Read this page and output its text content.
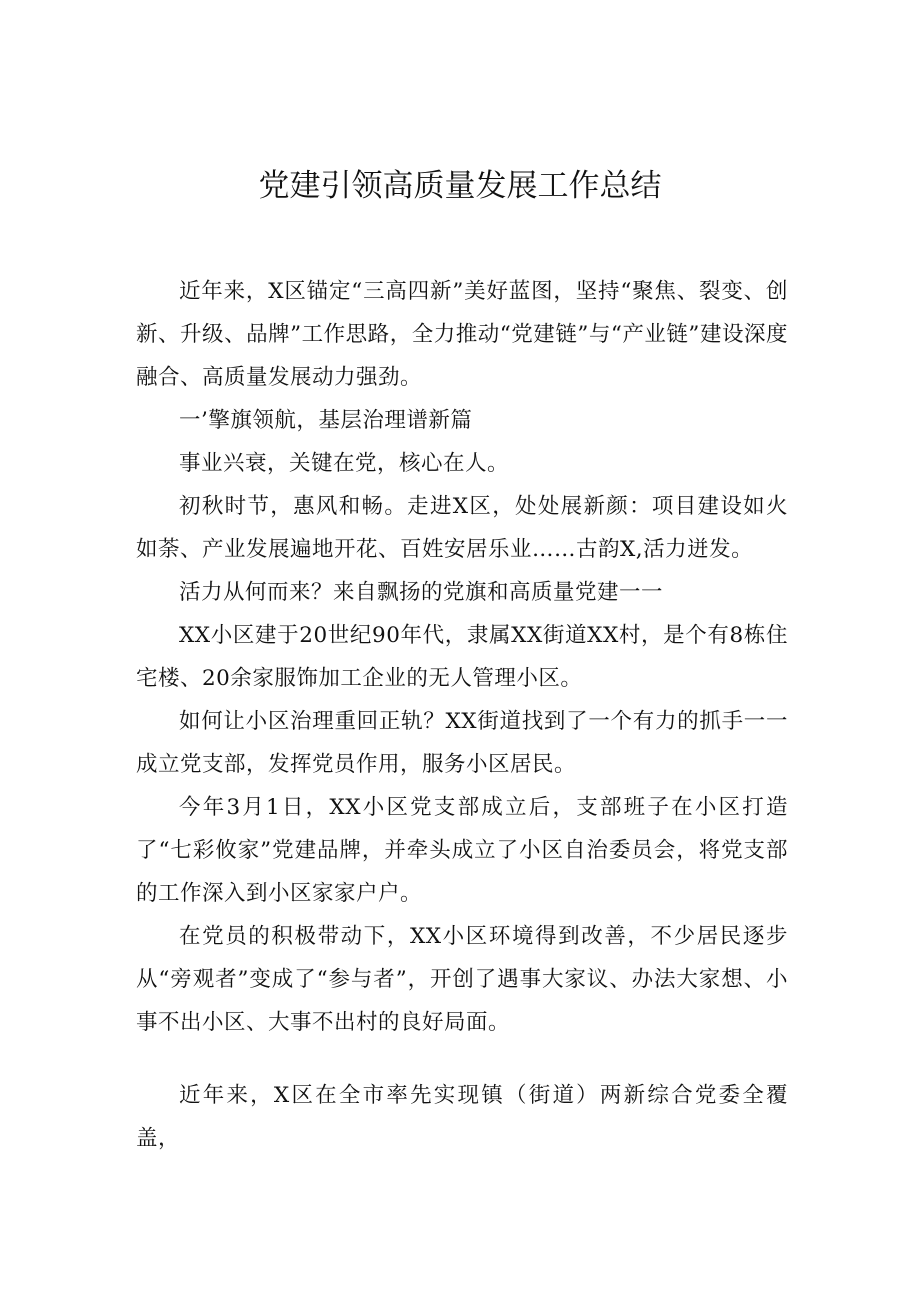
党建引领高质量发展工作总结

近年来，X区锚定“三高四新”美好蓝图，坚持“聚焦、裂变、创新、升级、品牌”工作思路，全力推动“党建链”与“产业链”建设深度融合、高质量发展动力强劲。

一’擎旗领航，基层治理谱新篇

事业兴衰，关键在党，核心在人。

初秋时节，惠风和畅。走进X区，处处展新颜：项目建设如火如荼、产业发展遍地开花、百姓安居乐业……古韵X,活力迸发。

活力从何而来？来自飘扬的党旗和高质量党建一一

XX小区建于20世纪90年代，隶属XX街道XX村，是个有8栋住宅楼、20余家服饰加工企业的无人管理小区。

如何让小区治理重回正轨？XX街道找到了一个有力的抓手一一成立党支部，发挥党员作用，服务小区居民。

今年3月1日，XX小区党支部成立后，支部班子在小区打造了“七彩攸家”党建品牌，并牵头成立了小区自治委员会，将党支部的工作深入到小区家家户户。

在党员的积极带动下，XX小区环境得到改善，不少居民逐步从“旁观者”变成了“参与者”，开创了遇事大家议、办法大家想、小事不出小区、大事不出村的良好局面。

近年来，X区在全市率先实现镇（街道）两新综合党委全覆盖，
